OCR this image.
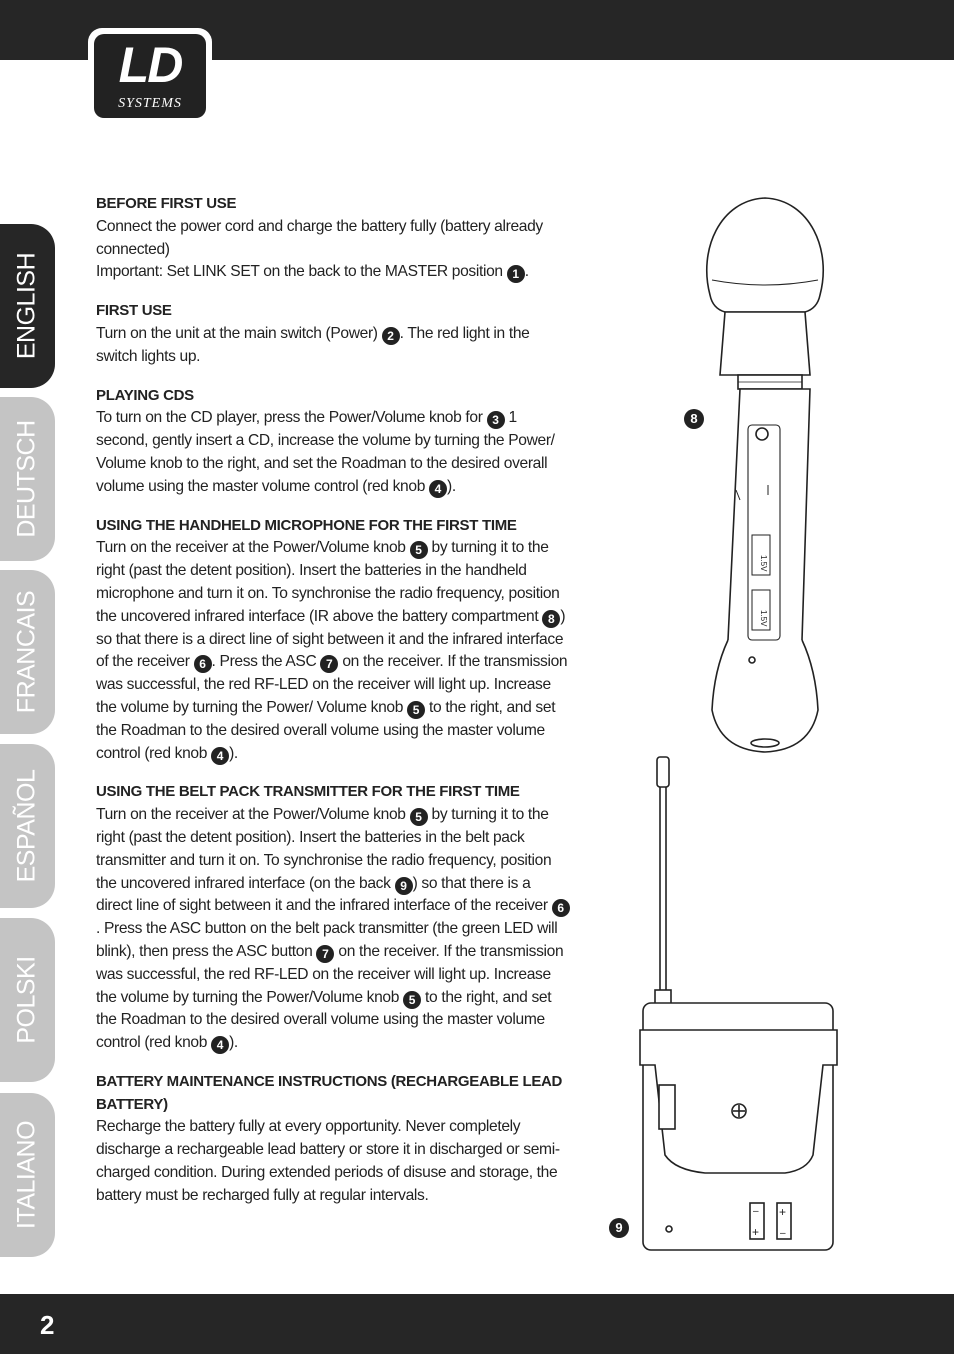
LD
SYSTEMS
ENGLISH
DEUTSCH
FRANCAIS
ESPAÑOL
POLSKI
ITALIANO
BEFORE FIRST USE

Connect the power cord and charge the battery fully (battery already connected)
Important: Set LINK SET on the back to the MASTER position 1 .

FIRST USE

Turn on the unit at the main switch (Power) 2 . The red light in the switch lights up.

PLAYING CDS

To turn on the CD player, press the Power/Volume knob for 3 1 second, gently insert a CD, increase the volume by turning the Power/ Volume knob to the right, and set the Roadman to the desired overall volume using the master volume control (red knob 4 ).

USING THE HANDHELD MICROPHONE FOR THE FIRST TIME

Turn on the receiver at the Power/Volume knob 5 by turning it to the right (past the detent position). Insert the batteries in the handheld microphone and turn it on. To synchronise the radio frequency, position the uncovered infrared interface (IR above the battery compartment 8 ) so that there is a direct line of sight between it and the infrared interface of the receiver 6 . Press the ASC 7 on the receiver. If the transmission was successful, the red RF-LED on the receiver will light up. Increase the volume by turning the Power/ Volume knob 5 to the right, and set the Roadman to the desired overall volume using the master volume control (red knob 4 ).

USING THE BELT PACK TRANSMITTER FOR THE FIRST TIME

Turn on the receiver at the Power/Volume knob 5 by turning it to the right (past the detent position). Insert the batteries in the belt pack transmitter and turn it on. To synchronise the radio frequency, position the uncovered infrared interface (on the back 9 ) so that there is a direct line of sight between it and the infrared interface of the receiver 6. Press the ASC button on the belt pack transmitter (the green LED will blink), then press the ASC button 7 on the receiver. If the transmission was successful, the red RF-LED on the receiver will light up. Increase the volume by turning the Power/Volume knob 5 to the right, and set the Roadman to the desired overall volume using the master volume control (red knob 4 ).

BATTERY MAINTENANCE INSTRUCTIONS (RECHARGEABLE LEAD BATTERY)

Recharge the battery fully at every opportunity. Never completely discharge a rechargeable lead battery or store it in discharged or semi-charged condition. During extended periods of disuse and storage, the battery must be recharged fully at regular intervals.

1.5V
1.5V
8
–
+
+
–
9
2
